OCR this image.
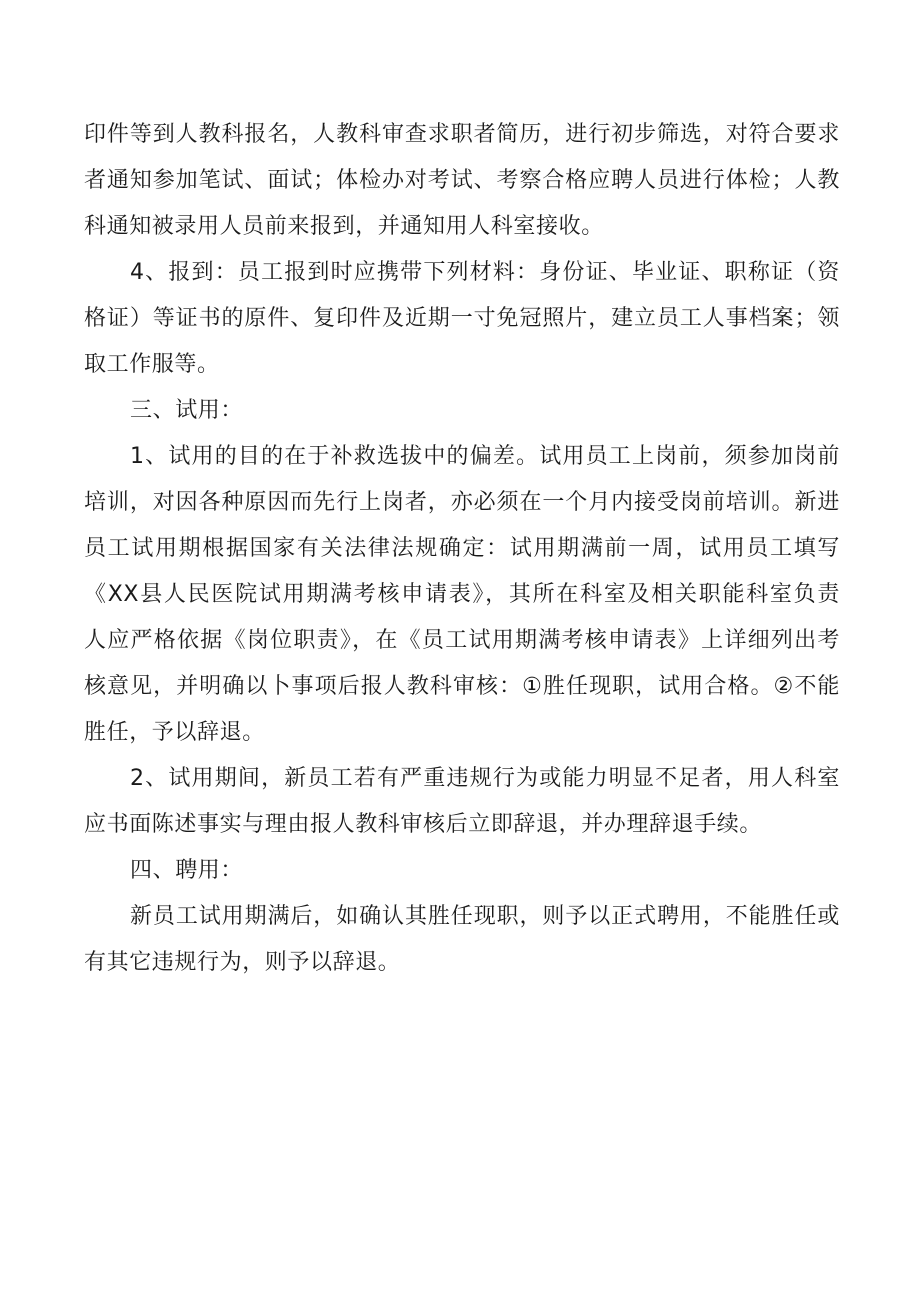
印件等到人教科报名，人教科审查求职者简历，进行初步筛选，对符合要求
者通知参加笔试、面试；体检办对考试、考察合格应聘人员进行体检；人教
科通知被录用人员前来报到，并通知用人科室接收。
4、报到：员工报到时应携带下列材料：身份证、毕业证、职称证（资
格证）等证书的原件、复印件及近期一寸免冠照片，建立员工人事档案；领
取工作服等。
三、试用：
1、试用的目的在于补救选拔中的偏差。试用员工上岗前，须参加岗前
培训，对因各种原因而先行上岗者，亦必须在一个月内接受岗前培训。新进
员工试用期根据国家有关法律法规确定：试用期满前一周，试用员工填写
《XX县人民医院试用期满考核申请表》，其所在科室及相关职能科室负责
人应严格依据《岗位职责》，在《员工试用期满考核申请表》上详细列出考
核意见，并明确以卜事项后报人教科审核：①胜任现职，试用合格。②不能
胜任，予以辞退。
2、试用期间，新员工若有严重违规行为或能力明显不足者，用人科室
应书面陈述事实与理由报人教科审核后立即辞退，并办理辞退手续。
四、聘用：
新员工试用期满后，如确认其胜任现职，则予以正式聘用，不能胜任或
有其它违规行为，则予以辞退。
